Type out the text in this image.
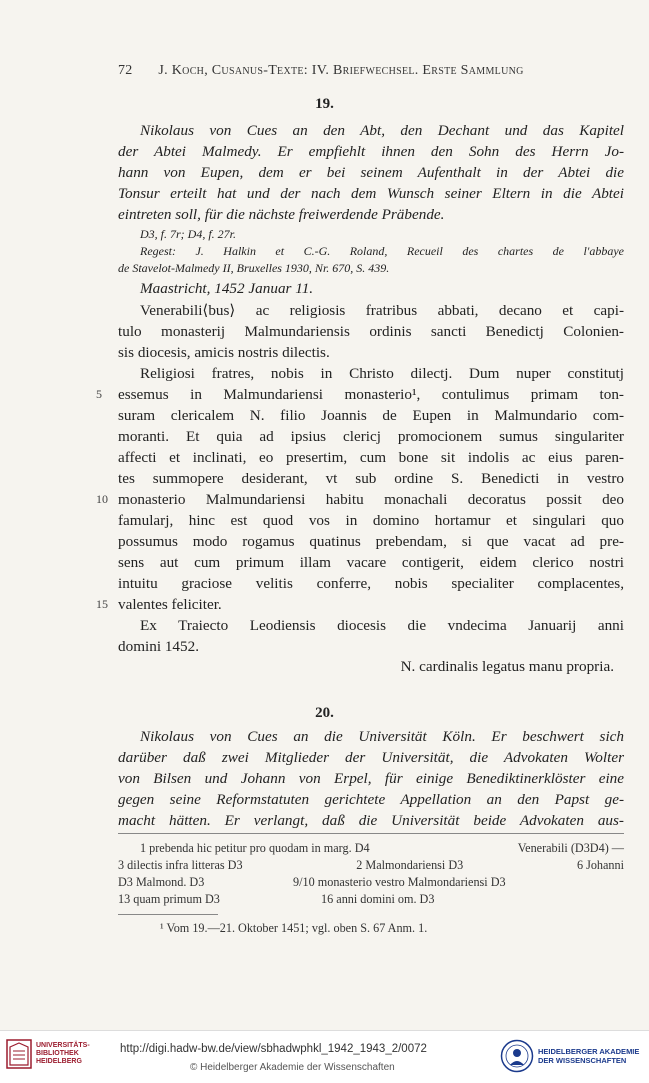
72 J. Koch, Cusanus-Texte: IV. Briefwechsel. Erste Sammlung
19.
Nikolaus von Cues an den Abt, den Dechant und das Kapitel
der Abtei Malmedy. Er empfiehlt ihnen den Sohn des Herrn Jo-
hann von Eupen, dem er bei seinem Aufenthalt in der Abtei die
Tonsur erteilt hat und der nach dem Wunsch seiner Eltern in die Abtei
eintreten soll, für die nächste freiwerdende Präbende.
D3, f. 7r; D4, f. 27r.
Regest: J. Halkin et C.-G. Roland, Recueil des chartes de l'abbaye
de Stavelot-Malmedy II, Bruxelles 1930, Nr. 670, S. 439.
Maastricht, 1452 Januar 11.
Venerabili⟨bus⟩ ac religiosis fratribus abbati, decano et capi-
tulo monasterij Malmundariensis ordinis sancti Benedictj Colonien-
sis diocesis, amicis nostris dilectis.
Religiosi fratres, nobis in Christo dilectj. Dum nuper constitutj
5 essemus in Malmundariensi monasterio¹, contulimus primam ton-
suram clericalem N. filio Joannis de Eupen in Malmundario com-
moranti. Et quia ad ipsius clericj promocionem sumus singulariter
affecti et inclinati, eo presertim, cum bone sit indolis ac eius paren-
tes summopere desiderant, vt sub ordine S. Benedicti in vestro
10 monasterio Malmundariensi habitu monachali decoratus possit deo
famularj, hinc est quod vos in domino hortamur et singulari quo
possumus modo rogamus quatinus prebendam, si que vacat ad pre-
sens aut cum primum illam vacare contigerit, eidem clerico nostri
intuitu graciose velitis conferre, nobis specialiter complacentes,
15 valentes feliciter.
Ex Traiecto Leodiensis diocesis die vndecima Januarij anni
domini 1452.
N. cardinalis legatus manu propria.
20.
Nikolaus von Cues an die Universität Köln. Er beschwert sich
darüber daß zwei Mitglieder der Universität, die Advokaten Wolter
von Bilsen und Johann von Erpel, für einige Benediktinerklöster eine
gegen seine Reformstatuten gerichtete Appellation an den Papst ge-
macht hätten. Er verlangt, daß die Universität beide Advokaten aus-
1 prebenda hic petitur pro quodam in marg. D4	Venerabili (D3D4) —
3 dilectis infra litteras D3	2 Malmondariensi D3	6 Johanni
D3 Malmond. D3	9/10 monasterio vestro Malmondariensi D3
13 quam primum D3	16 anni domini om. D3
¹ Vom 19.—21. Oktober 1451; vgl. oben S. 67 Anm. 1.
UNIVERSITÄTS-
BIBLIOTHEK
HEIDELBERG
http://digi.hadw-bw.de/view/sbhadwphkl_1942_1943_2/0072
© Heidelberger Akademie der Wissenschaften
HEIDELBERGER AKADEMIE
DER WISSENSCHAFTEN
